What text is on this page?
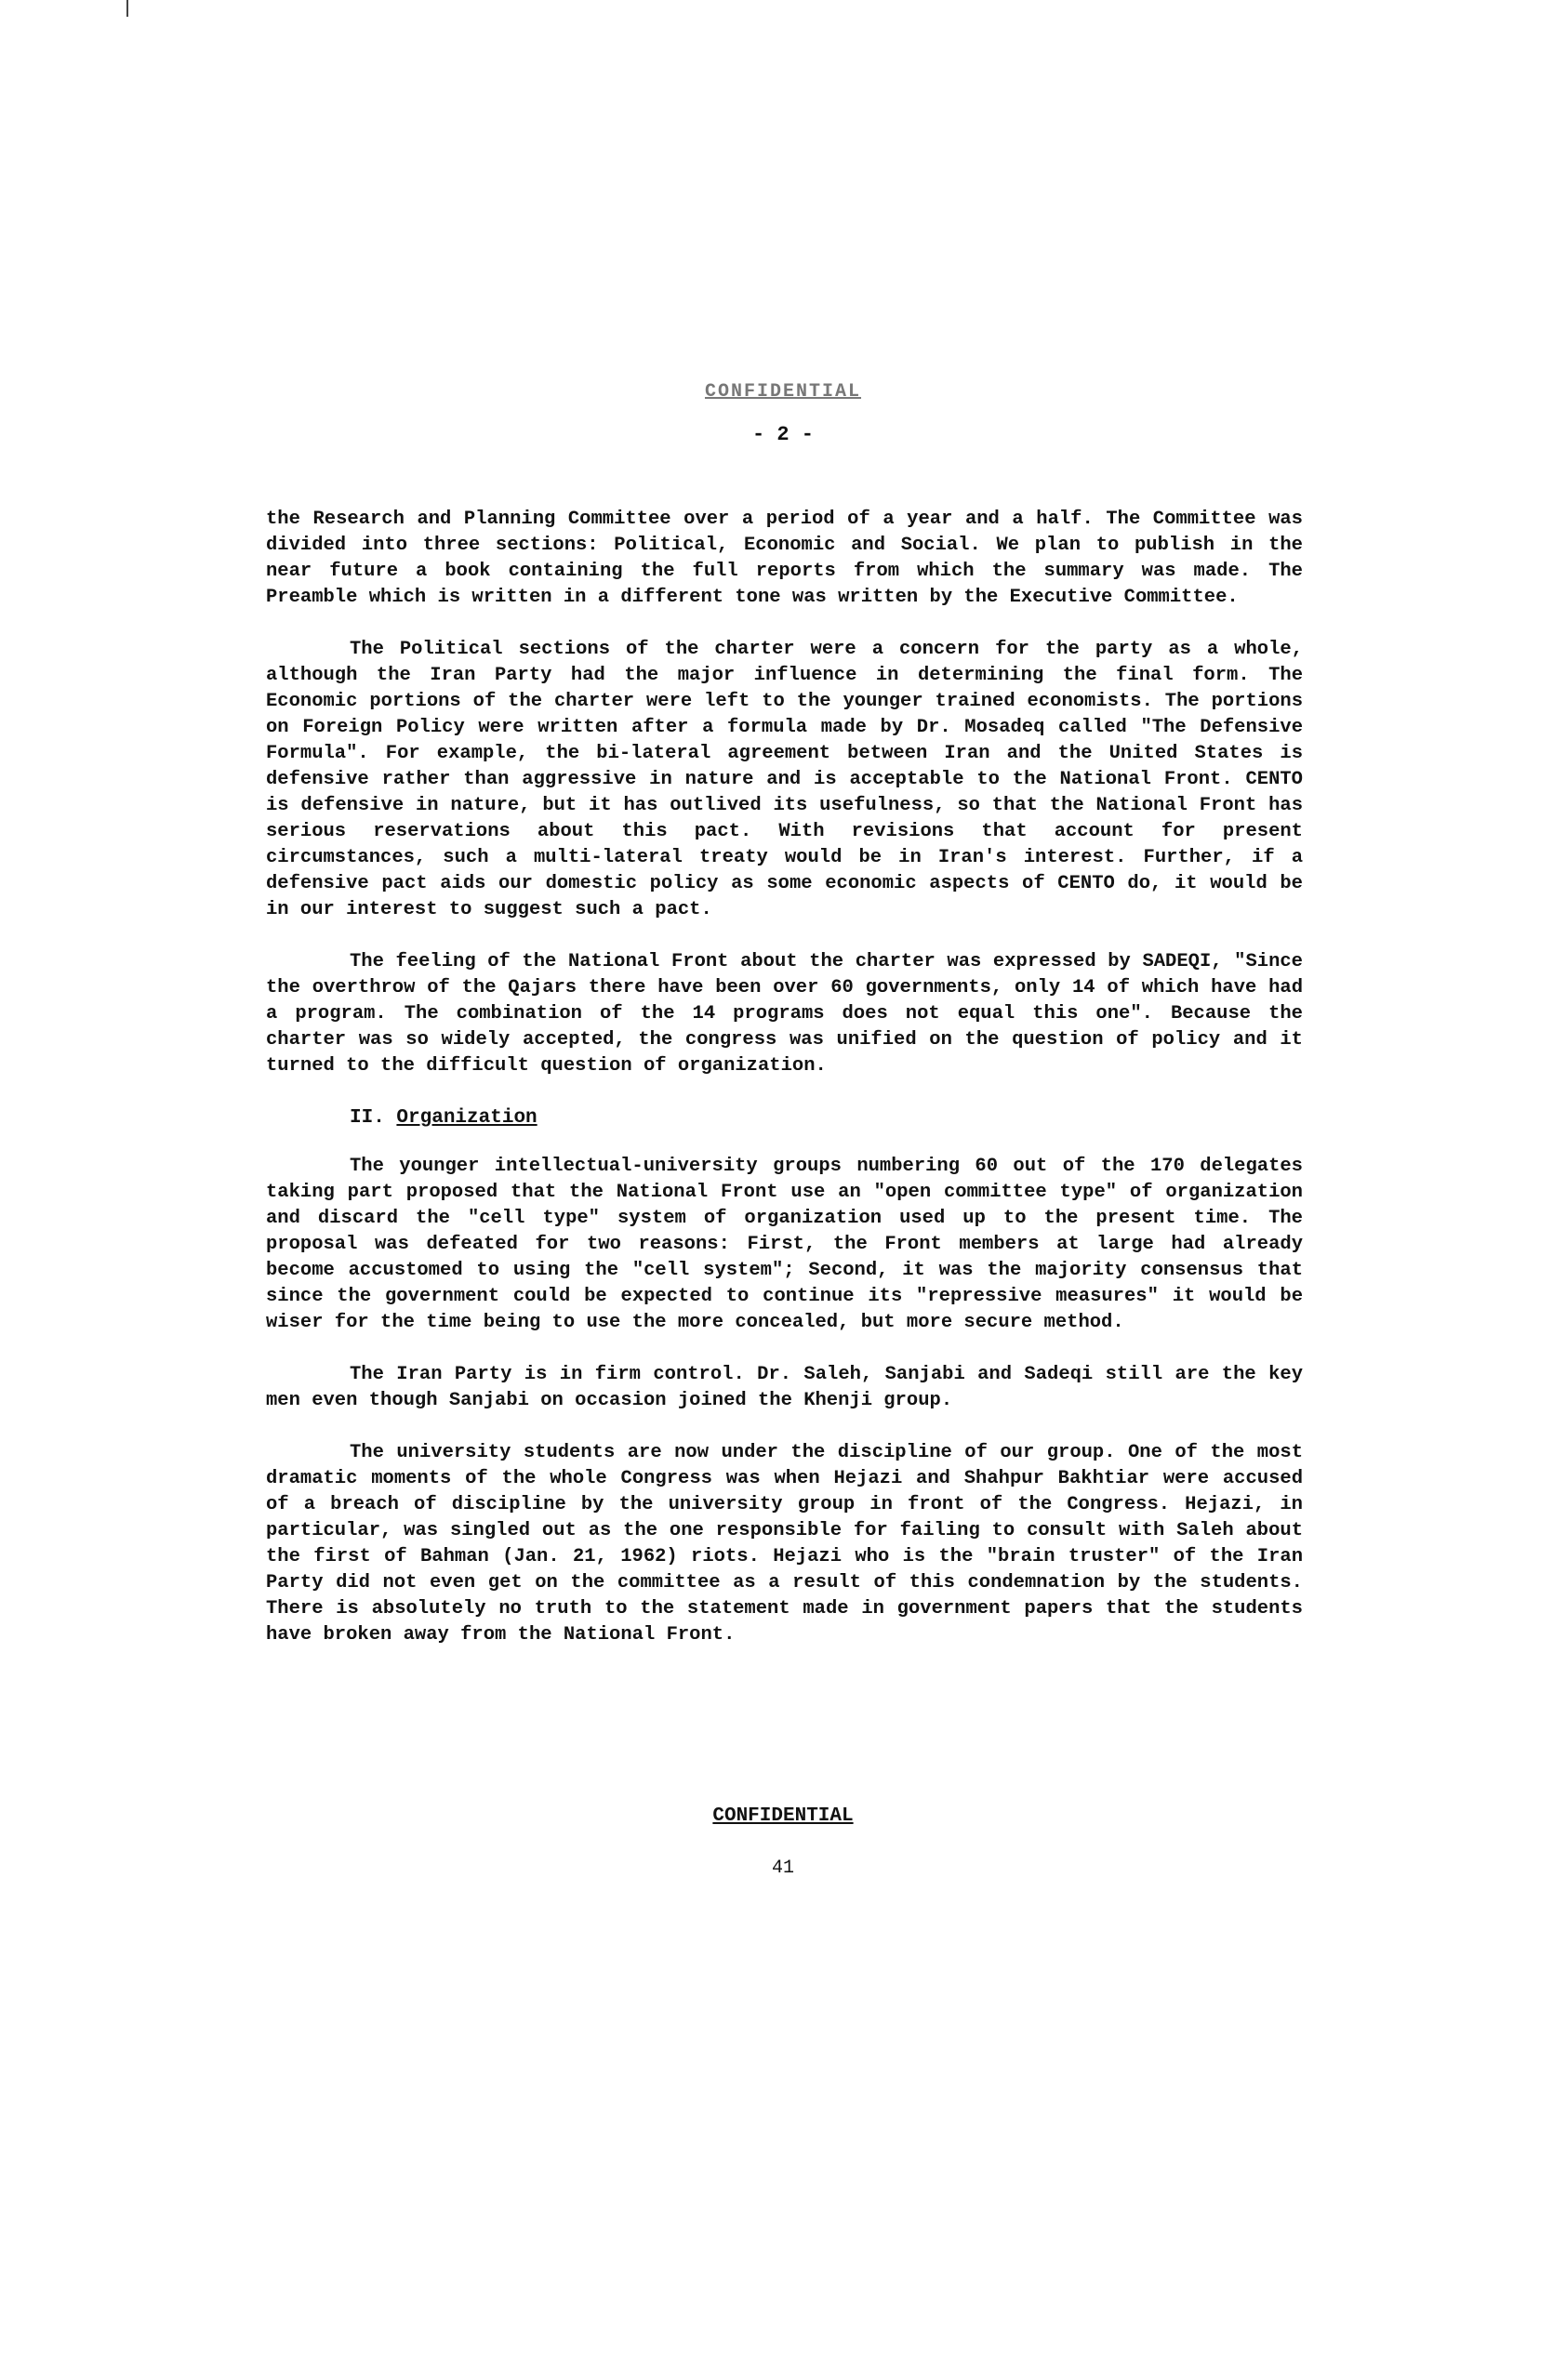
CONFIDENTIAL
- 2 -

the Research and Planning Committee over a period of a year and a half. The Committee was divided into three sections: Political, Economic and Social. We plan to publish in the near future a book containing the full reports from which the summary was made. The Preamble which is written in a different tone was written by the Executive Committee.

The Political sections of the charter were a concern for the party as a whole, although the Iran Party had the major influence in determining the final form. The Economic portions of the charter were left to the younger trained economists. The portions on Foreign Policy were written after a formula made by Dr. Mosadeq called "The Defensive Formula". For example, the bi-lateral agreement between Iran and the United States is defensive rather than aggressive in nature and is acceptable to the National Front. CENTO is defensive in nature, but it has outlived its usefulness, so that the National Front has serious reservations about this pact. With revisions that account for present circumstances, such a multi-lateral treaty would be in Iran's interest. Further, if a defensive pact aids our domestic policy as some economic aspects of CENTO do, it would be in our interest to suggest such a pact.

The feeling of the National Front about the charter was expressed by SADEQI, "Since the overthrow of the Qajars there have been over 60 governments, only 14 of which have had a program. The combination of the 14 programs does not equal this one". Because the charter was so widely accepted, the congress was unified on the question of policy and it turned to the difficult question of organization.

II. Organization

The younger intellectual-university groups numbering 60 out of the 170 delegates taking part proposed that the National Front use an "open committee type" of organization and discard the "cell type" system of organization used up to the present time. The proposal was defeated for two reasons: First, the Front members at large had already become accustomed to using the "cell system"; Second, it was the majority consensus that since the government could be expected to continue its "repressive measures" it would be wiser for the time being to use the more concealed, but more secure method.

The Iran Party is in firm control. Dr. Saleh, Sanjabi and Sadeqi still are the key men even though Sanjabi on occasion joined the Khenji group.

The university students are now under the discipline of our group. One of the most dramatic moments of the whole Congress was when Hejazi and Shahpur Bakhtiar were accused of a breach of discipline by the university group in front of the Congress. Hejazi, in particular, was singled out as the one responsible for failing to consult with Saleh about the first of Bahman (Jan. 21, 1962) riots. Hejazi who is the "brain truster" of the Iran Party did not even get on the committee as a result of this condemnation by the students. There is absolutely no truth to the statement made in government papers that the students have broken away from the National Front.

CONFIDENTIAL
41
